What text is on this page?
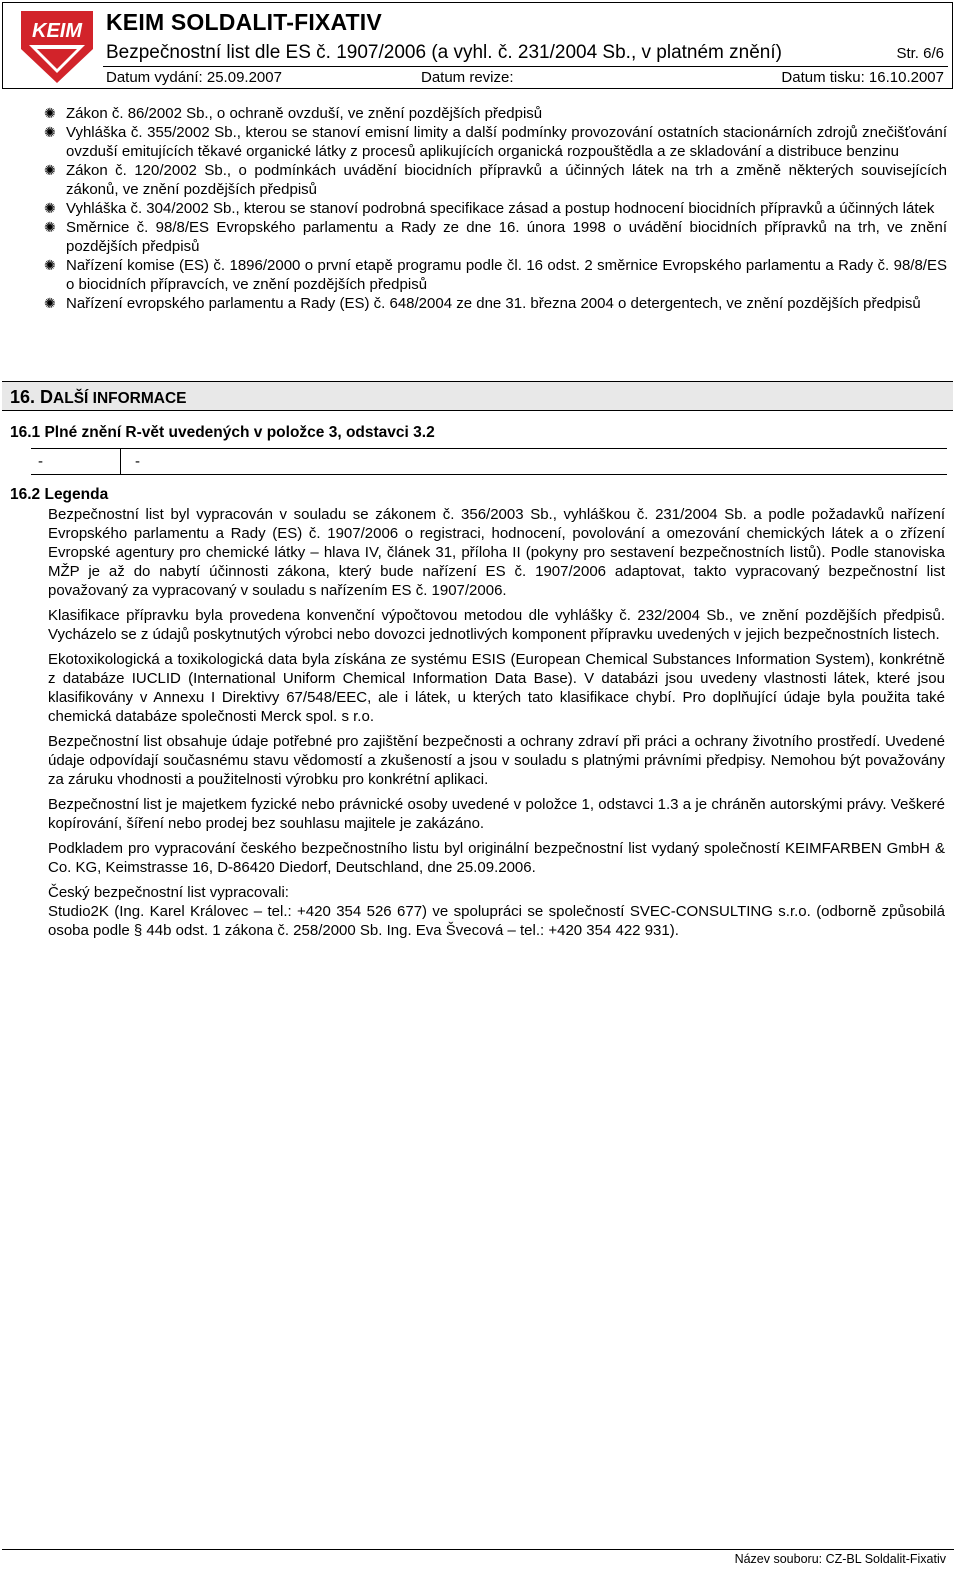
KEIM KEIM SOLDALIT-FIXATIV
Bezpečnostní list dle ES č. 1907/2006 (a vyhl. č. 231/2004 Sb., v platném znění)	Str. 6/6
Datum vydání: 25.09.2007	Datum revize:	Datum tisku: 16.10.2007
✺ Zákon č. 86/2002 Sb., o ochraně ovzduší, ve znění pozdějších předpisů
✺ Vyhláška č. 355/2002 Sb., kterou se stanoví emisní limity a další podmínky provozování ostatních stacionárních zdrojů znečišťování ovzduší emitujících těkavé organické látky z procesů aplikujících organická rozpouštědla a ze skladování a distribuce benzinu
✺ Zákon č. 120/2002 Sb., o podmínkách uvádění biocidních přípravků a účinných látek na trh a změně některých souvisejících zákonů, ve znění pozdějších předpisů
✺ Vyhláška č. 304/2002 Sb., kterou se stanoví podrobná specifikace zásad a postup hodnocení biocidních přípravků a účinných látek
✺ Směrnice č. 98/8/ES Evropského parlamentu a Rady ze dne 16. února 1998 o uvádění biocidních přípravků na trh, ve znění pozdějších předpisů
✺ Nařízení komise (ES) č. 1896/2000 o první etapě programu podle čl. 16 odst. 2 směrnice Evropského parlamentu a Rady č. 98/8/ES o biocidních přípravcích, ve znění pozdějších předpisů
✺ Nařízení evropského parlamentu a Rady (ES) č. 648/2004 ze dne 31. března 2004 o detergentech, ve znění pozdějších předpisů
16. DALŠÍ INFORMACE
16.1 Plné znění R-vět uvedených v položce 3, odstavci 3.2
-	-
16.2 Legenda

Bezpečnostní list byl vypracován v souladu se zákonem č. 356/2003 Sb., vyhláškou č. 231/2004 Sb. a podle požadavků nařízení Evropského parlamentu a Rady (ES) č. 1907/2006 o registraci, hodnocení, povolování a omezování chemických látek a o zřízení Evropské agentury pro chemické látky – hlava IV, článek 31, příloha II (pokyny pro sestavení bezpečnostních listů). Podle stanoviska MŽP je až do nabytí účinnosti zákona, který bude nařízení ES č. 1907/2006 adaptovat, takto vypracovaný bezpečnostní list považovaný za vypracovaný v souladu s nařízením ES č. 1907/2006.

Klasifikace přípravku byla provedena konvenční výpočtovou metodou dle vyhlášky č. 232/2004 Sb., ve znění pozdějších předpisů. Vycházelo se z údajů poskytnutých výrobci nebo dovozci jednotlivých komponent přípravku uvedených v jejich bezpečnostních listech.

Ekotoxikologická a toxikologická data byla získána ze systému ESIS (European Chemical Substances Information System), konkrétně z databáze IUCLID (International Uniform Chemical Information Data Base). V databázi jsou uvedeny vlastnosti látek, které jsou klasifikovány v Annexu I Direktivy 67/548/EEC, ale i látek, u kterých tato klasifikace chybí. Pro doplňující údaje byla použita také chemická databáze společnosti Merck spol. s r.o.

Bezpečnostní list obsahuje údaje potřebné pro zajištění bezpečnosti a ochrany zdraví při práci a ochrany životního prostředí. Uvedené údaje odpovídají současnému stavu vědomostí a zkušeností a jsou v souladu s platnými právními předpisy. Nemohou být považovány za záruku vhodnosti a použitelnosti výrobku pro konkrétní aplikaci.

Bezpečnostní list je majetkem fyzické nebo právnické osoby uvedené v položce 1, odstavci 1.3 a je chráněn autorskými právy. Veškeré kopírování, šíření nebo prodej bez souhlasu majitele je zakázáno.

Podkladem pro vypracování českého bezpečnostního listu byl originální bezpečnostní list vydaný společností KEIMFARBEN GmbH & Co. KG, Keimstrasse 16, D-86420 Diedorf, Deutschland, dne 25.09.2006.

Český bezpečnostní list vypracovali:
Studio2K (Ing. Karel Královec – tel.: +420 354 526 677) ve spolupráci se společností SVEC-CONSULTING s.r.o. (odborně způsobilá osoba podle § 44b odst. 1 zákona č. 258/2000 Sb. Ing. Eva Švecová – tel.: +420 354 422 931).

Název souboru: CZ-BL Soldalit-Fixativ
